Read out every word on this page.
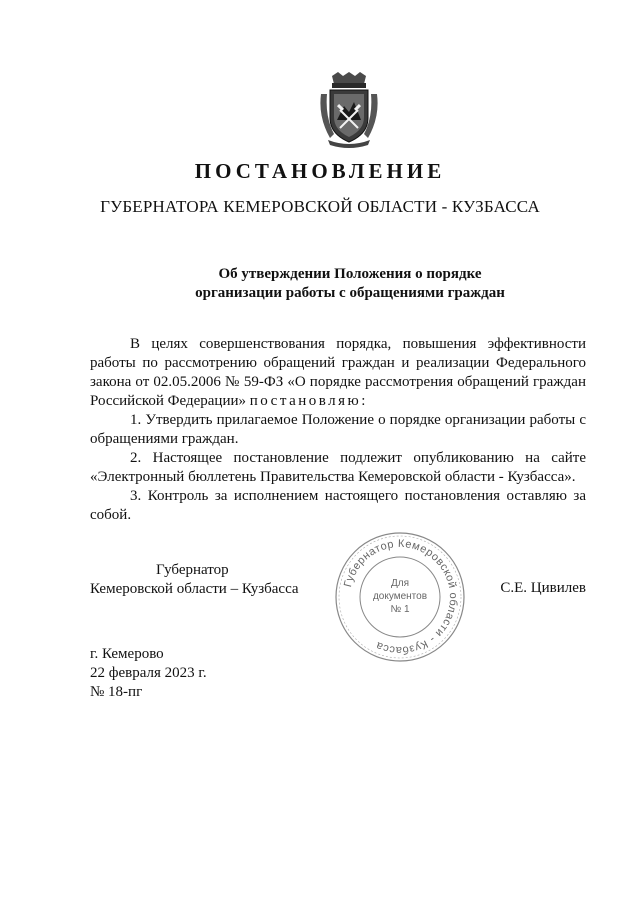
ПОСТАНОВЛЕНИЕ
ГУБЕРНАТОРА КЕМЕРОВСКОЙ ОБЛАСТИ - КУЗБАССА
Об утверждении Положения о порядке
организации работы с обращениями граждан

В целях совершенствования порядка, повышения эффективности работы по рассмотрению обращений граждан и реализации Федерального закона от 02.05.2006 № 59-ФЗ «О порядке рассмотрения обращений граждан Российской Федерации» постановляю:

1. Утвердить прилагаемое Положение о порядке организации работы с обращениями граждан.

2. Настоящее постановление подлежит опубликованию на сайте «Электронный бюллетень Правительства Кемеровской области - Кузбасса».

3. Контроль за исполнением настоящего постановления оставляю за собой.

Губернатор
Кемеровской области – Кузбасса	Губернатор Кемеровской области - Кузбасса
Для
документов
№ 1
С.Е. Цивилев
г. Кемерово
22 февраля 2023 г.
№ 18-пг
